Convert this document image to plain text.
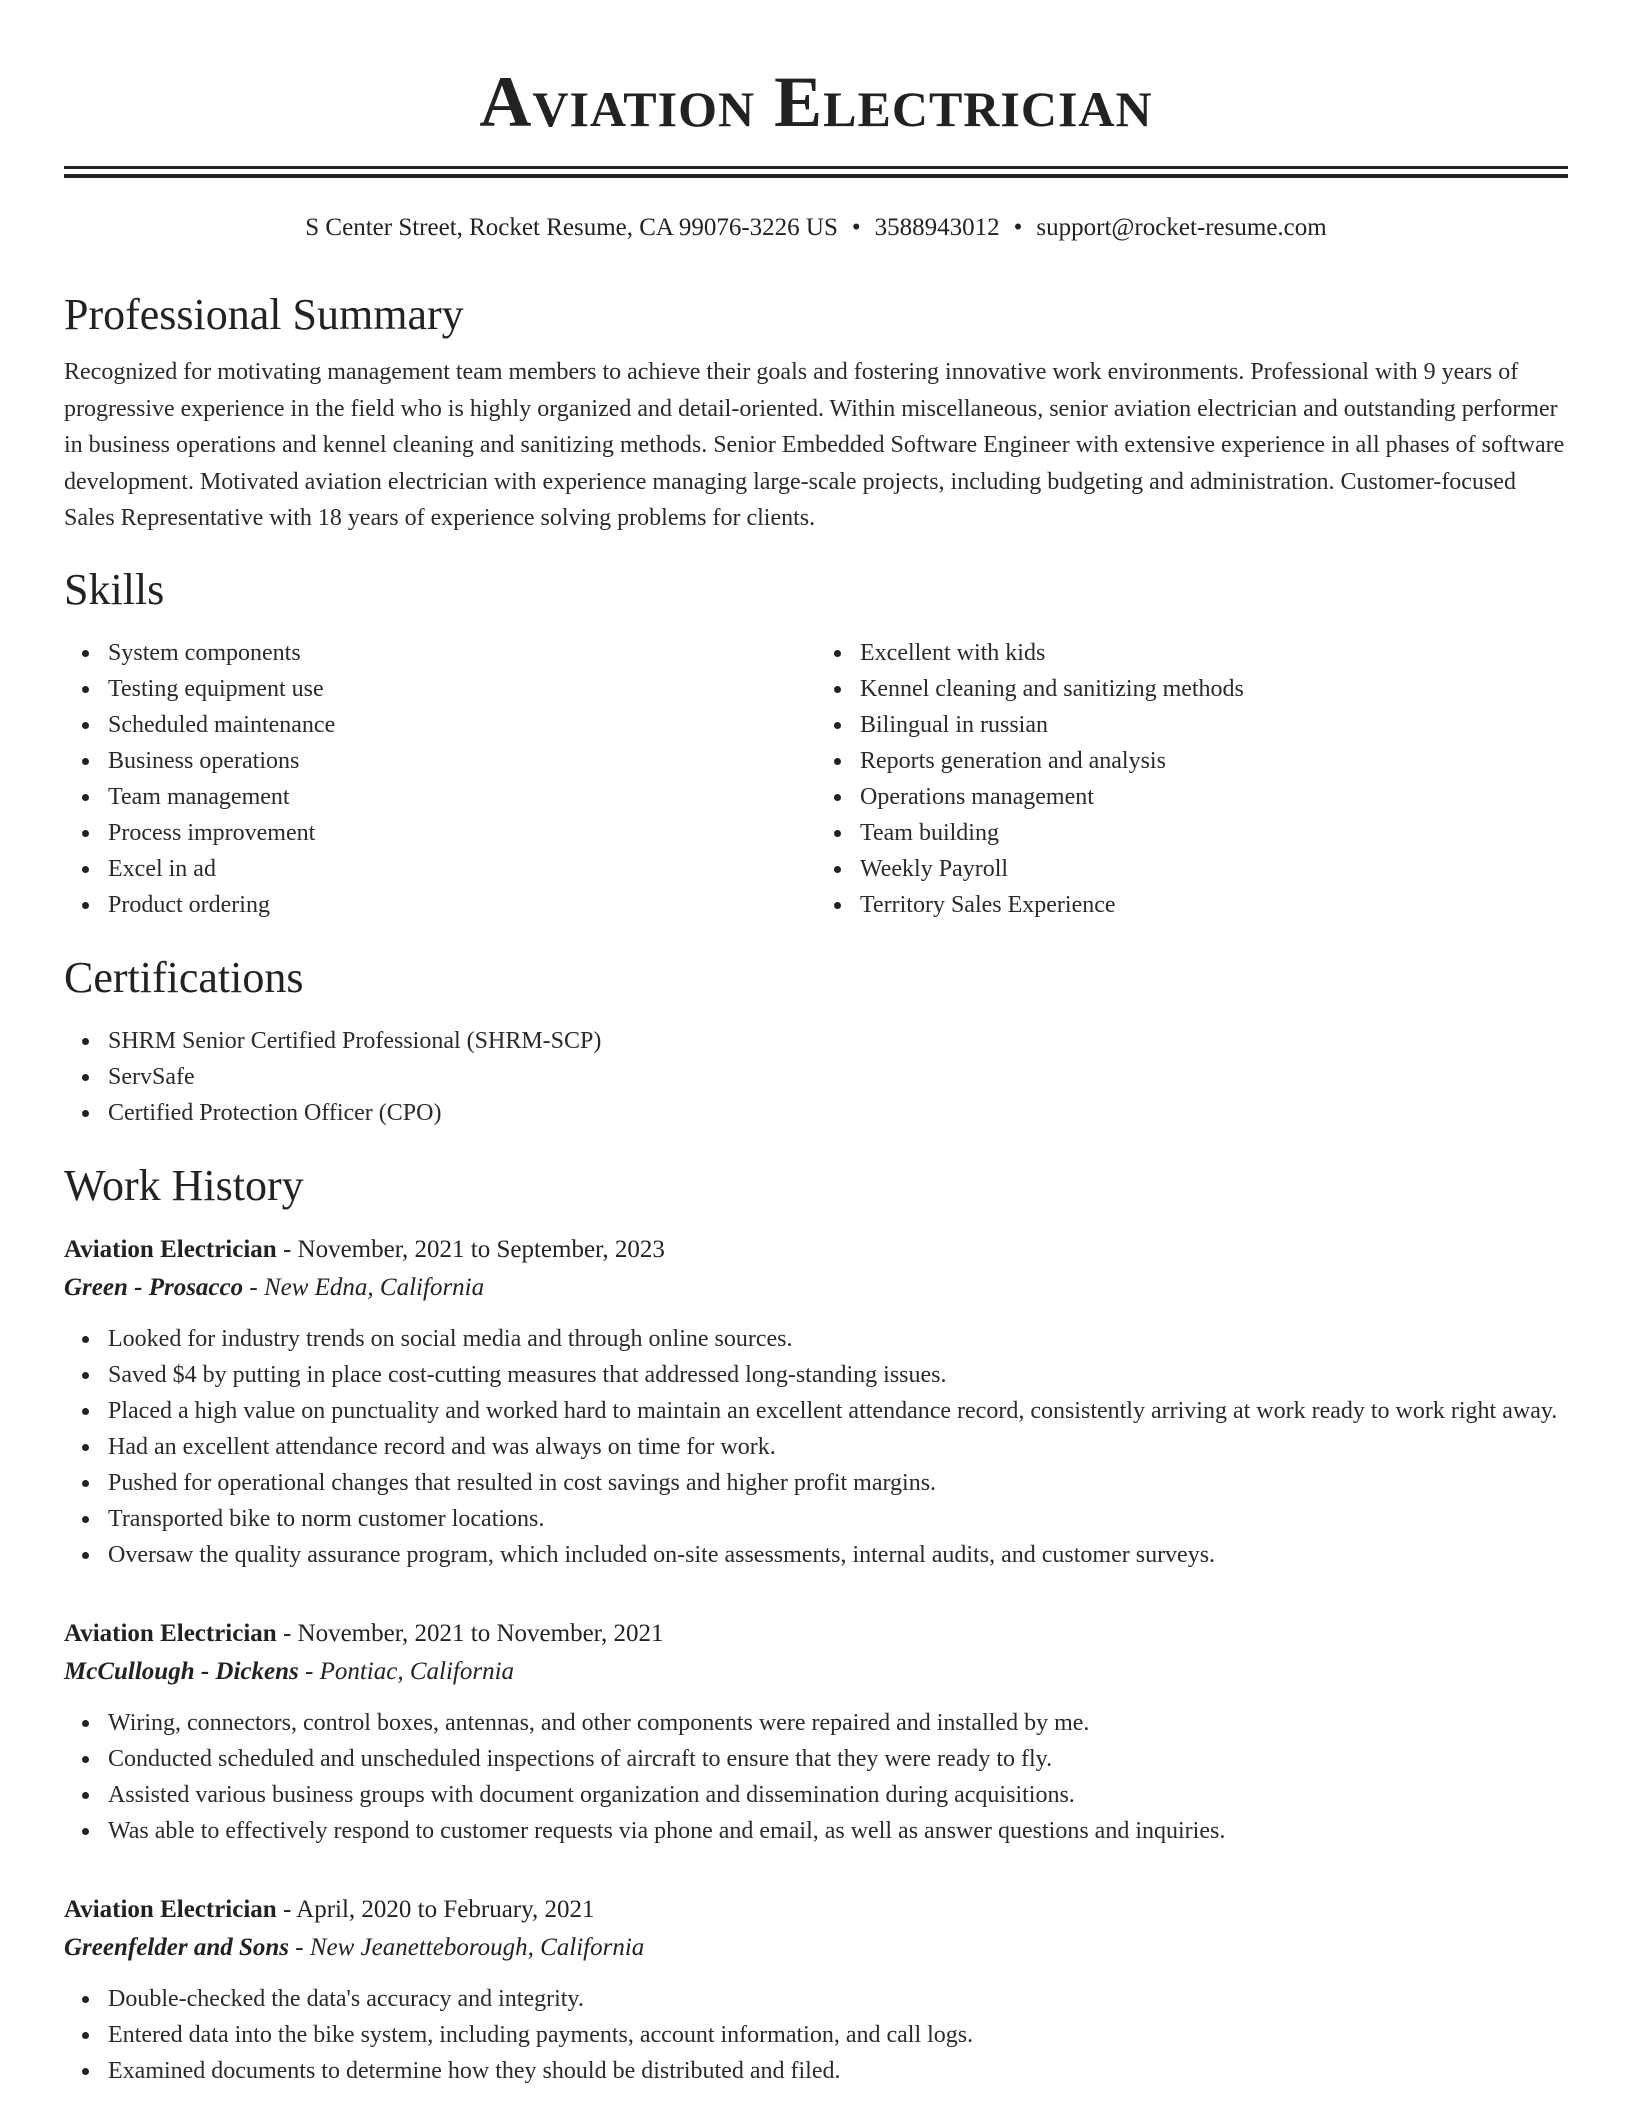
Aviation Electrician
S Center Street, Rocket Resume, CA 99076-3226 US • 3588943012 • support@rocket-resume.com
Professional Summary
Recognized for motivating management team members to achieve their goals and fostering innovative work environments. Professional with 9 years of progressive experience in the field who is highly organized and detail-oriented. Within miscellaneous, senior aviation electrician and outstanding performer in business operations and kennel cleaning and sanitizing methods. Senior Embedded Software Engineer with extensive experience in all phases of software development. Motivated aviation electrician with experience managing large-scale projects, including budgeting and administration. Customer-focused Sales Representative with 18 years of experience solving problems for clients.
Skills
System components
Testing equipment use
Scheduled maintenance
Business operations
Team management
Process improvement
Excel in ad
Product ordering
Excellent with kids
Kennel cleaning and sanitizing methods
Bilingual in russian
Reports generation and analysis
Operations management
Team building
Weekly Payroll
Territory Sales Experience
Certifications
SHRM Senior Certified Professional (SHRM-SCP)
ServSafe
Certified Protection Officer (CPO)
Work History
Aviation Electrician - November, 2021 to September, 2023
Green - Prosacco - New Edna, California
Looked for industry trends on social media and through online sources.
Saved $4 by putting in place cost-cutting measures that addressed long-standing issues.
Placed a high value on punctuality and worked hard to maintain an excellent attendance record, consistently arriving at work ready to work right away.
Had an excellent attendance record and was always on time for work.
Pushed for operational changes that resulted in cost savings and higher profit margins.
Transported bike to norm customer locations.
Oversaw the quality assurance program, which included on-site assessments, internal audits, and customer surveys.
Aviation Electrician - November, 2021 to November, 2021
McCullough - Dickens - Pontiac, California
Wiring, connectors, control boxes, antennas, and other components were repaired and installed by me.
Conducted scheduled and unscheduled inspections of aircraft to ensure that they were ready to fly.
Assisted various business groups with document organization and dissemination during acquisitions.
Was able to effectively respond to customer requests via phone and email, as well as answer questions and inquiries.
Aviation Electrician - April, 2020 to February, 2021
Greenfelder and Sons - New Jeanetteborough, California
Double-checked the data's accuracy and integrity.
Entered data into the bike system, including payments, account information, and call logs.
Examined documents to determine how they should be distributed and filed.
